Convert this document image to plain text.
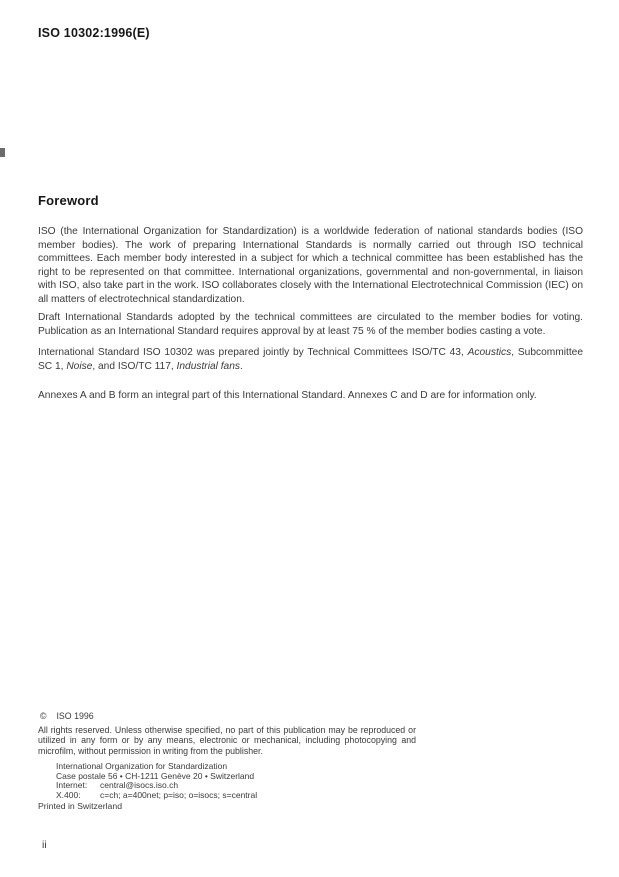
ISO 10302:1996(E)
Foreword

ISO (the International Organization for Standardization) is a worldwide federation of national standards bodies (ISO member bodies). The work of preparing International Standards is normally carried out through ISO technical committees. Each member body interested in a subject for which a technical committee has been established has the right to be represented on that committee. International organizations, governmental and non-governmental, in liaison with ISO, also take part in the work. ISO collaborates closely with the International Electrotechnical Commission (IEC) on all matters of electrotechnical standardization.

Draft International Standards adopted by the technical committees are circulated to the member bodies for voting. Publication as an International Standard requires approval by at least 75 % of the member bodies casting a vote.

International Standard ISO 10302 was prepared jointly by Technical Committees ISO/TC 43, Acoustics, Subcommittee SC 1, Noise, and ISO/TC 117, Industrial fans.

Annexes A and B form an integral part of this International Standard. Annexes C and D are for information only.

© ISO 1996

All rights reserved. Unless otherwise specified, no part of this publication may be reproduced or utilized in any form or by any means, electronic or mechanical, including photocopying and microfilm, without permission in writing from the publisher.

International Organization for Standardization
Case postale 56 • CH-1211 Genève 20 • Switzerland
Internet: central@isocs.iso.ch
X.400: c=ch; a=400net; p=iso; o=isocs; s=central
Printed in Switzerland
ii
